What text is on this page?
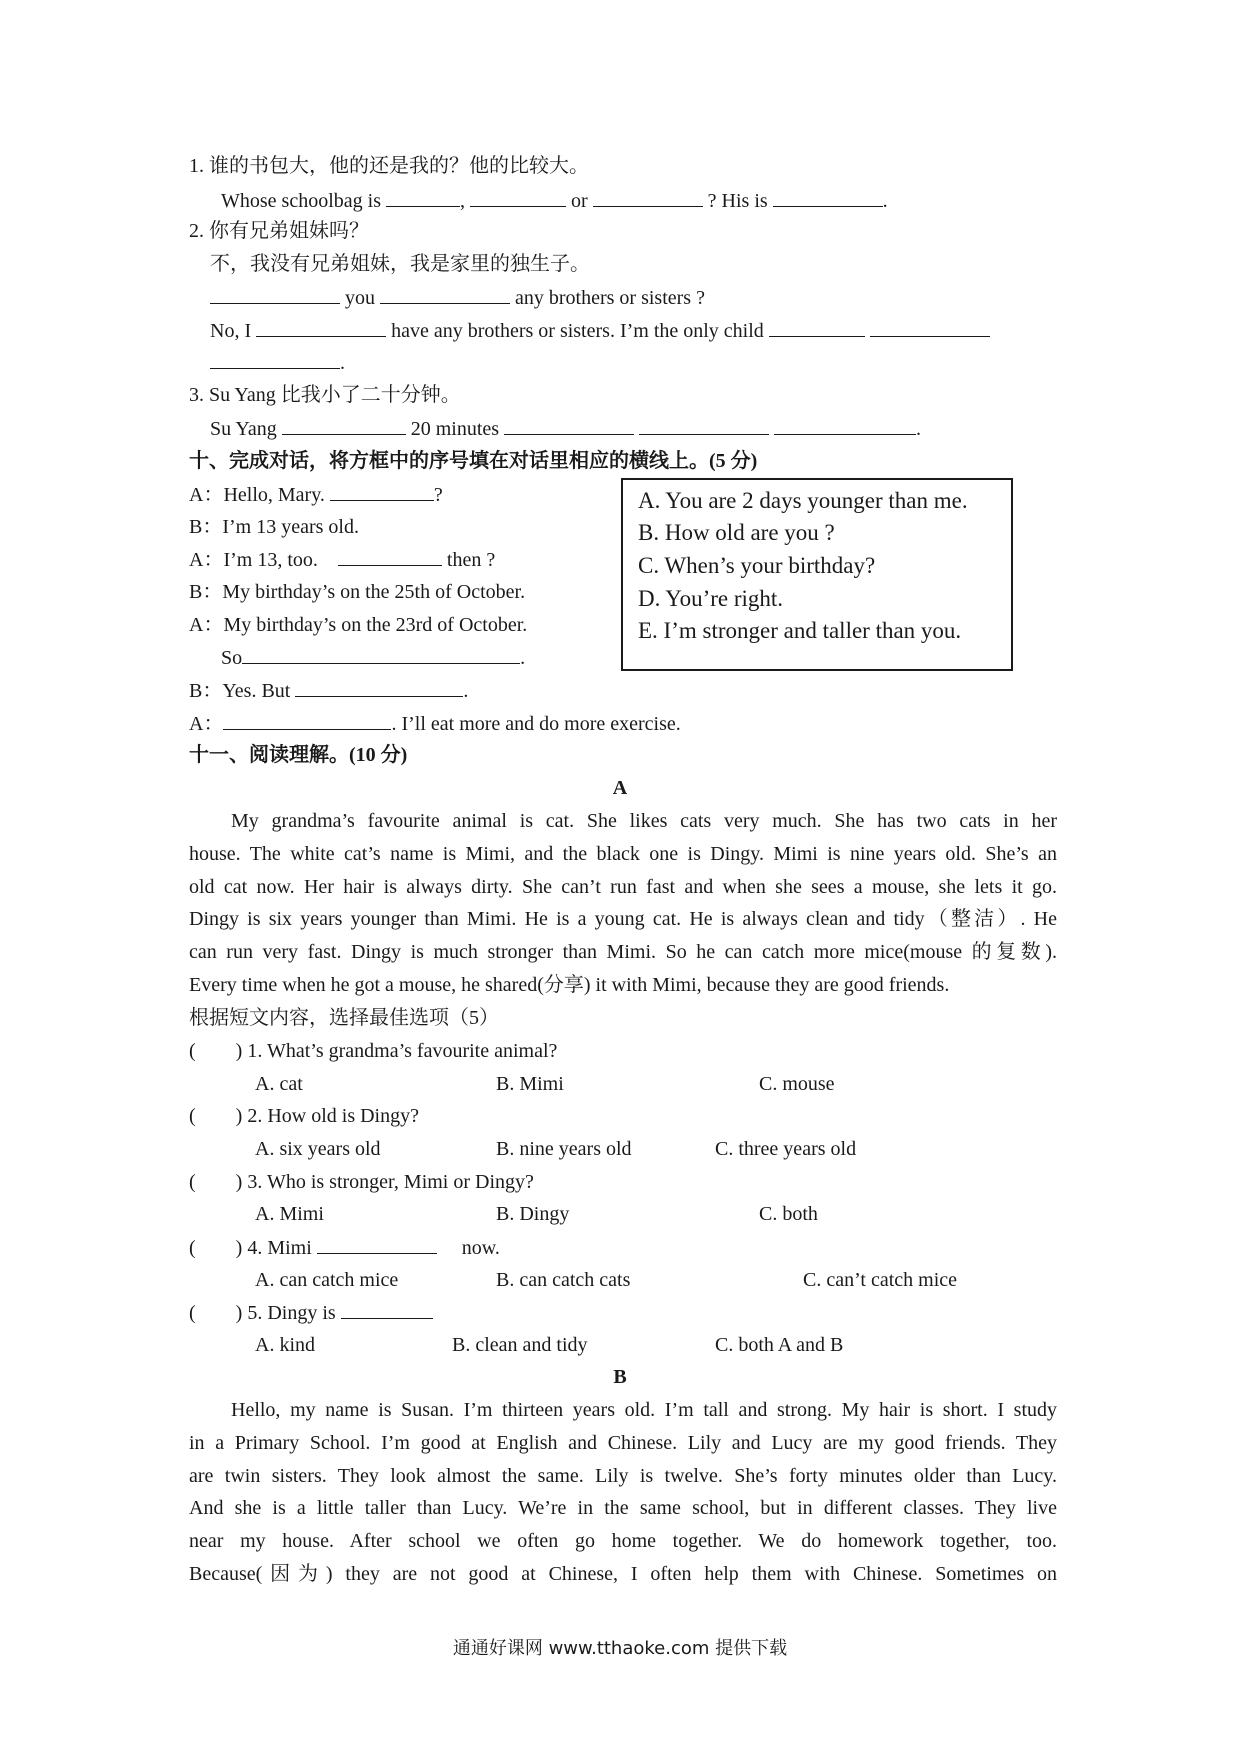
1. 谁的书包大，他的还是我的？他的比较大。
Whose schoolbag is	,	or	? His is	.
2. 你有兄弟姐妹吗？
不，我没有兄弟姐妹，我是家里的独生子。
you	any brothers or sisters ?
No, I	have any brothers or sisters. I’m the only child
.
3. Su Yang 比我小了二十分钟。
Su Yang	20 minutes	.
十、完成对话，将方框中的序号填在对话里相应的横线上。(5 分)
A：Hello, Mary.	?
B：I’m 13 years old.
A：I’m 13, too.	then ?
B：My birthday’s on the 25th of October.
A：My birthday’s on the 23rd of October.
So	.
B：Yes. But	.
A：	. I’ll eat more and do more exercise.
A. You are 2 days younger than me.
B. How old are you ?
C. When’s your birthday?
D. You’re right.
E. I’m stronger and taller than you.
十一、阅读理解。(10 分)
A
My grandma’s favourite animal is cat. She likes cats very much. She has two cats in her
house. The white cat’s name is Mimi, and the black one is Dingy. Mimi is nine years old. She’s an
old cat now. Her hair is always dirty. She can’t run fast and when she sees a mouse, she lets it go.
Dingy is six years younger than Mimi. He is a young cat. He is always clean and tidy（整洁）. He
can run very fast. Dingy is much stronger than Mimi. So he can catch more mice(mouse 的复数).
Every time when he got a mouse, he shared(分享) it with Mimi, because they are good friends.
根据短文内容，选择最佳选项（5）
(        ) 1. What’s grandma’s favourite animal?
A. cat	B. Mimi	C. mouse
(        ) 2. How old is Dingy?
A. six years old	B. nine years old	C. three years old
(        ) 3. Who is stronger, Mimi or Dingy?
A. Mimi	B. Dingy	C. both
(        ) 4. Mimi	now.
A. can catch mice	B. can catch cats	C. can’t catch mice
(        ) 5. Dingy is
A. kind	B. clean and tidy	C. both A and B
B
Hello, my name is Susan. I’m thirteen years old. I’m tall and strong. My hair is short. I study
in a Primary School. I’m good at English and Chinese. Lily and Lucy are my good friends. They
are twin sisters. They look almost the same. Lily is twelve. She’s forty minutes older than Lucy.
And she is a little taller than Lucy. We’re in the same school, but in different classes. They live
near my house. After school we often go home together. We do homework together, too.
Because(因为) they are not good at Chinese, I often help them with Chinese. Sometimes on
通通好课网 www.tthaoke.com 提供下载
